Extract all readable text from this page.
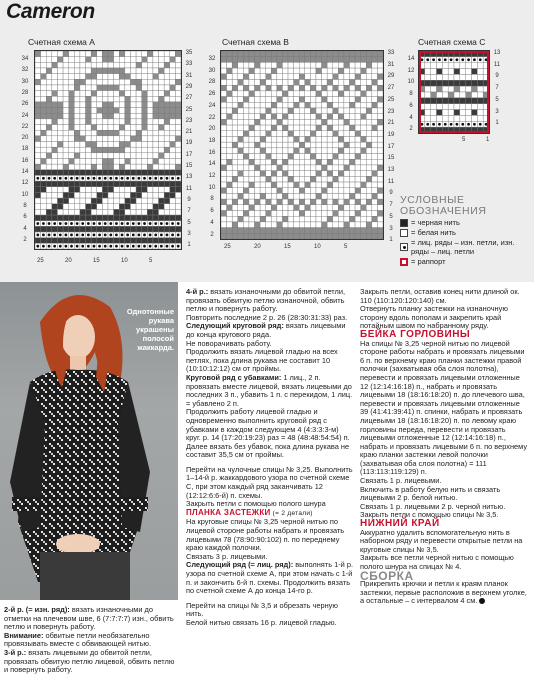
Cameron
Счетная схема А
34
32
30
28
26
24
22
20
18
16
14
12
10
8
6
4
2
35
33
31
29
27
25
23
21
19
17
15
13
11
9
7
5
3
1
25	20	15	10	5
Счетная схема В
32
30
28
26
24
22
20
18
16
14
12
10
8
6
4
2
33
31
29
27
25
23
21
19
17
15
13
11
9
7
5
3
1
25	20	15	10	5
Счетная схема С
14
12
10
8
6
4
2
13
11
9
7
5
3
1
5	1
УСЛОВНЫЕ ОБОЗНАЧЕНИЯ
= черная нить
= белая нить
= лиц. ряды – изн. петли, изн. ряды – лиц. петли
= раппорт
Однотонные рукава украшены полосой жаккарда.

2-й р. (= изн. ряд): вязать изнаночными до отметки на плечевом шве, 6 (7:7:7:7) изн., обвить петлю и повернуть работу.

Внимание: обвитые петли необязательно провязывать вместе с обвивающей нитью.

3-й р.: вязать лицевыми до обвитой петли, провязать обвитую петлю лицевой, обвить петлю и повернуть работу.

4-й р.: вязать изнаночными до обвитой петли, провязать обвитую петлю изнаночной, обвить петлю и повернуть работу.

Повторить последние 2 р. 26 (28:30:31:33) раз.

Следующий круговой ряд: вязать лицевыми до конца кругового ряда.

Не поворачивать работу.

Продолжить вязать лицевой гладью на всех петлях, пока длина рукава не составит 10 (10:10:12:12) см от проймы.

Круговой ряд с убавками: 1 лиц., 2 п. провязать вместе лицевой, вязать лицевыми до последних 3 п., убавить 1 п. с перекидом, 1 лиц. = убавлено 2 п.

Продолжить работу лицевой гладью и одновременно выполнить круговой ряд с убавками в каждом следующем 4 (4:3:3:3-м) круг. р. 14 (17:20:19:23) раз = 48 (48:48:54:54) п.

Далее вязать без убавок, пока длина рукава не составит 35,5 см от проймы.

Перейти на чулочные спицы № 3,25. Выполнить 1–14-й р. жаккардового узора по счетной схеме С, при этом каждый ряд заканчивать 12 (12:12:6:6-й) п. схемы.

Закрыть петли с помощью полого шнура

ПЛАНКА ЗАСТЕЖКИ (= 2 детали)

На круговые спицы № 3,25 черной нитью по лицевой стороне работы набрать и провязать лицевыми 78 (78:90:90:102) п. по переднему краю каждой полочки.

Связать 3 р. лицевыми.

Следующий ряд (= лиц. ряд): выполнять 1-й р. узора по счетной схеме А, при этом начать с 1-й п. и закончить 6-й п. схемы. Продолжить вязать по счетной схеме А до конца 14-го р.

Перейти на спицы № 3,5 и обрезать черную нить.

Белой нитью связать 16 р. лицевой гладью.

Закрыть петли, оставив конец нити длиной ок. 110 (110:120:120:140) см.

Отвернуть планку застежки на изнаночную сторону вдоль пополам и закрепить край потайным швом по набранному ряду.

БЕЙКА ГОРЛОВИНЫ

На спицы № 3,25 черной нитью по лицевой стороне работы набрать и провязать лицевыми 6 п. по верхнему краю планки застежки правой полочки (захватывая оба слоя полотна), перевести и провязать лицевыми отложенные 12 (12:14:16:18) п., набрать и провязать лицевыми 18 (18:16:18:20) п. до плечевого шва, перевести и провязать лицевыми отложенные 39 (41:41:39:41) п. спинки, набрать и провязать лицевыми 18 (18:16:18:20) п. по левому краю горловины переда, перевести и провязать лицевыми отложенные 12 (12:14:16:18) п., набрать и провязать лицевыми 6 п. по верхнему краю планки застежки левой полочки (захватывая оба слоя полотна) = 111 (113:113:119:129) п.

Связать 1 р. лицевыми.

Включить в работу белую нить и связать лицевыми 2 р. белой нитью.

Связать 1 р. лицевыми 2 р. черной нитью.

Закрыть петли с помощью спицы № 3,5.

НИЖНИЙ КРАЙ

Аккуратно удалить вспомогательную нить в наборном ряду и перевести открытые петли на круговые спицы № 3,5.

Закрыть все петли черной нитью с помощью полого шнура на спицах № 4.

СБОРКА

Прикрепить крючки и петли к краям планок застежки, первые расположив в верхнем уголке, а остальные – с интервалом 4 см.
